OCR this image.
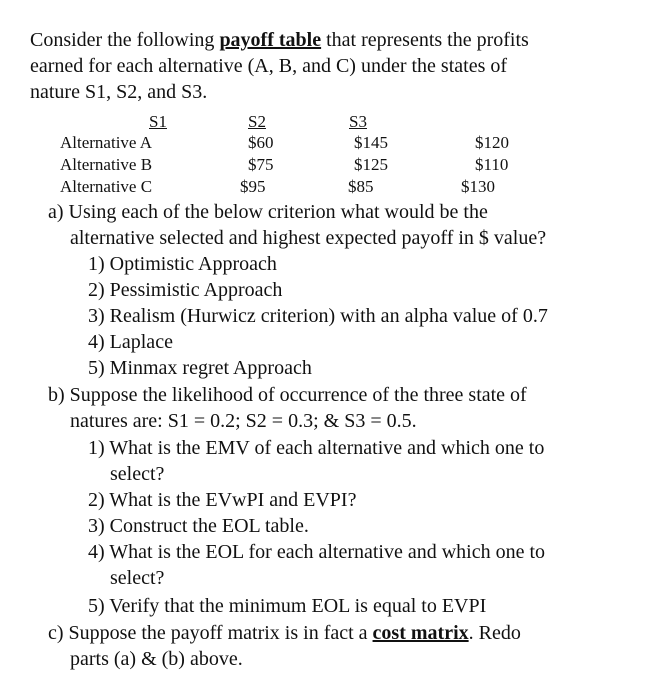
Consider the following payoff table that represents the profits
earned for each alternative (A, B, and C) under the states of
nature S1, S2, and S3.
S1	S2	S3
Alternative A	$60	$145	$120
Alternative B	$75	$125	$110
Alternative C	$95	$85	$130
a) Using each of the below criterion what would be the
alternative selected and highest expected payoff in $ value?
1) Optimistic Approach
2) Pessimistic Approach
3) Realism (Hurwicz criterion) with an alpha value of 0.7
4) Laplace
5) Minmax regret Approach
b) Suppose the likelihood of occurrence of the three state of
natures are: S1 = 0.2; S2 = 0.3; & S3 = 0.5.
1) What is the EMV of each alternative and which one to
select?
2) What is the EVwPI and EVPI?
3) Construct the EOL table.
4) What is the EOL for each alternative and which one to
select?
5) Verify that the minimum EOL is equal to EVPI
c) Suppose the payoff matrix is in fact a cost matrix. Redo
parts (a) & (b) above.
